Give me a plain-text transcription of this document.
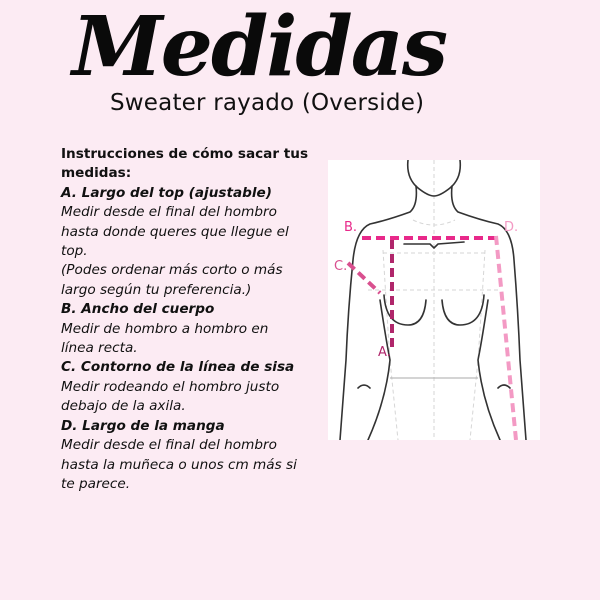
Medidas
Sweater rayado (Overside)
Instrucciones de cómo sacar tus
medidas:
A. Largo del top (ajustable)
Medir desde el final del hombro
hasta donde queres que llegue el
top.
(Podes ordenar más corto o más
largo según tu preferencia.)
B. Ancho del cuerpo
Medir de hombro a hombro en
línea recta.
C. Contorno de la línea de sisa
Medir rodeando el hombro justo
debajo de la axila.
D. Largo de la manga
Medir desde el final del hombro
hasta la muñeca o unos cm más si
te parece.
B.
A.
C.
D.
